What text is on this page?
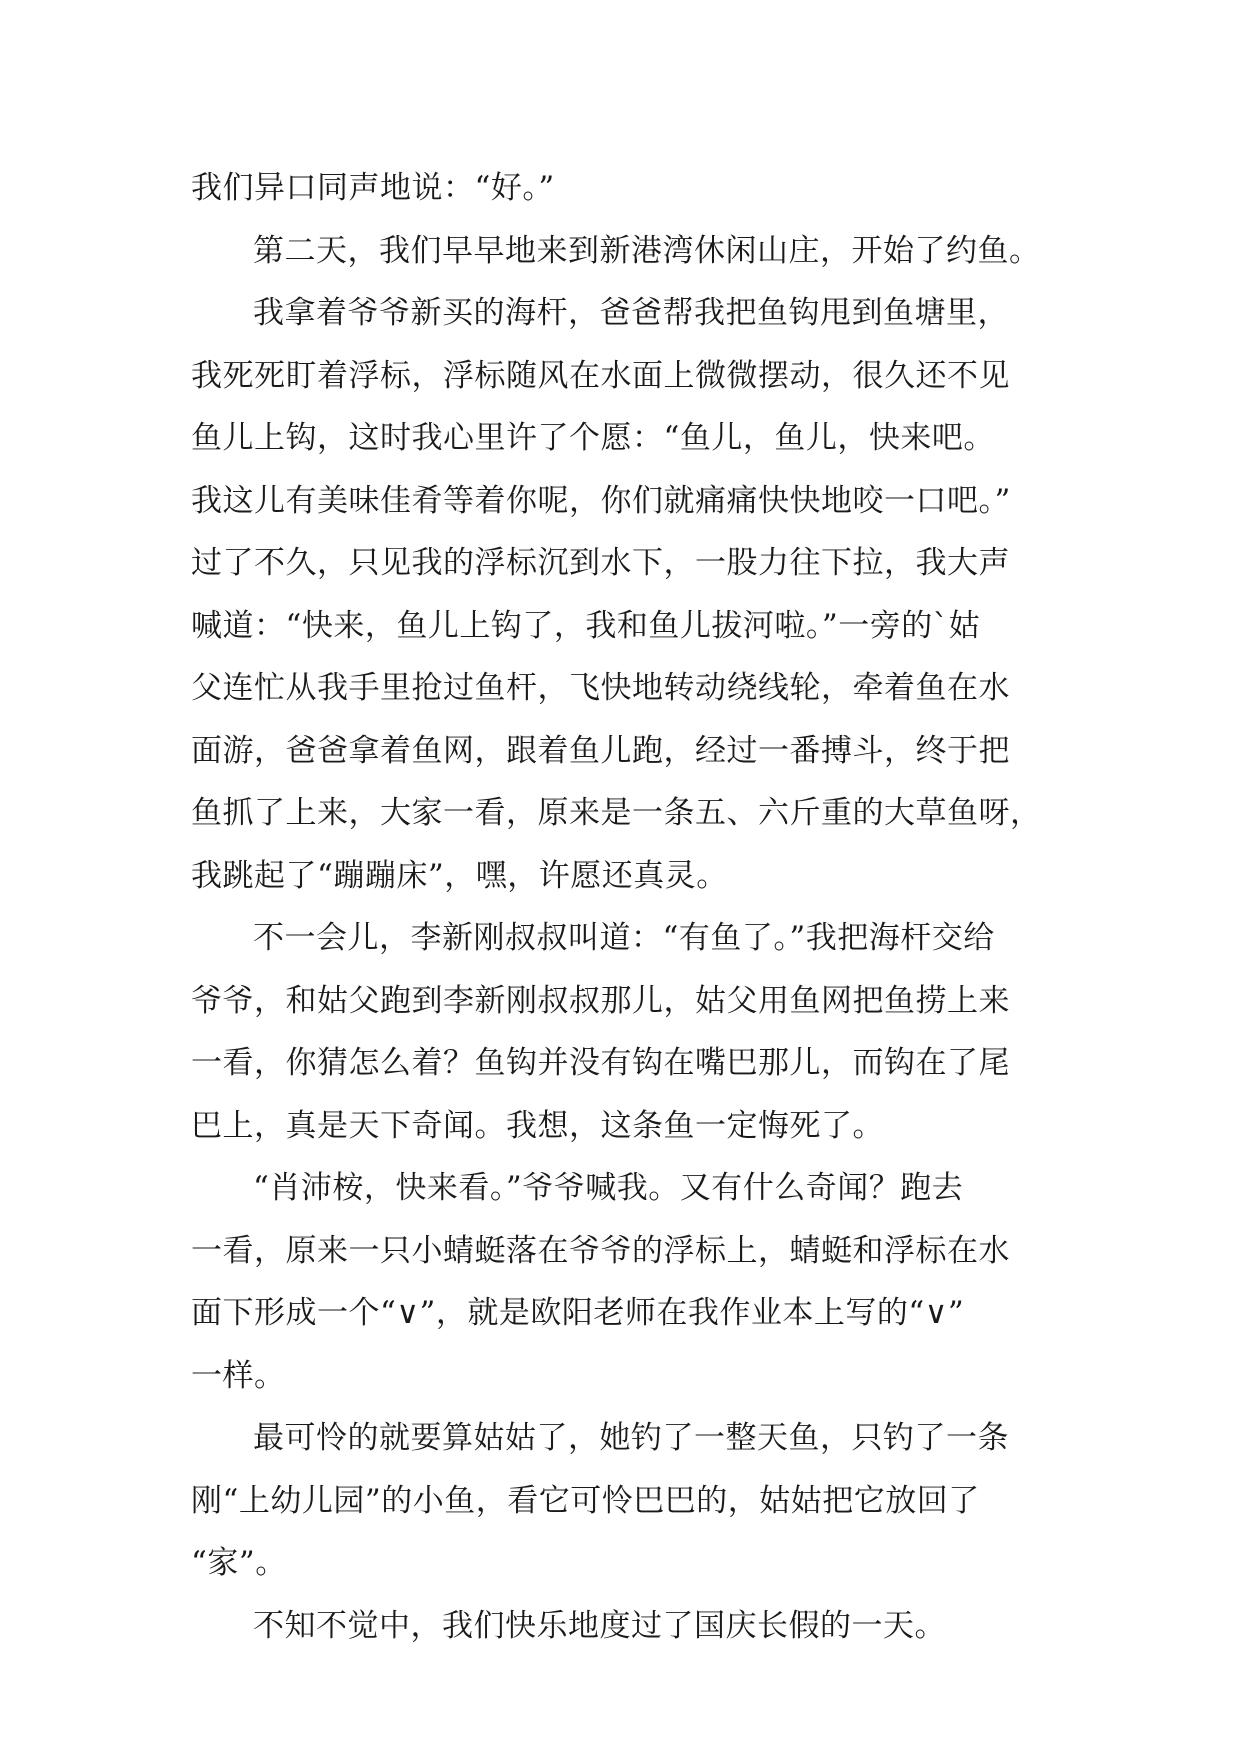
我们异口同声地说：“好。”
第二天，我们早早地来到新港湾休闲山庄，开始了约鱼。
我拿着爷爷新买的海杆，爸爸帮我把鱼钩甩到鱼塘里，
我死死盯着浮标，浮标随风在水面上微微摆动，很久还不见
鱼儿上钩，这时我心里许了个愿：“鱼儿，鱼儿，快来吧。
我这儿有美味佳肴等着你呢，你们就痛痛快快地咬一口吧。”
过了不久，只见我的浮标沉到水下，一股力往下拉，我大声
喊道：“快来，鱼儿上钩了，我和鱼儿拔河啦。”一旁的`姑
父连忙从我手里抢过鱼杆，飞快地转动绕线轮，牵着鱼在水
面游，爸爸拿着鱼网，跟着鱼儿跑，经过一番搏斗，终于把
鱼抓了上来，大家一看，原来是一条五、六斤重的大草鱼呀，
我跳起了“蹦蹦床”，嘿，许愿还真灵。
不一会儿，李新刚叔叔叫道：“有鱼了。”我把海杆交给
爷爷，和姑父跑到李新刚叔叔那儿，姑父用鱼网把鱼捞上来
一看，你猜怎么着？鱼钩并没有钩在嘴巴那儿，而钩在了尾
巴上，真是天下奇闻。我想，这条鱼一定悔死了。
“肖沛桉，快来看。”爷爷喊我。又有什么奇闻？跑去
一看，原来一只小蜻蜓落在爷爷的浮标上，蜻蜓和浮标在水
面下形成一个“∨”，就是欧阳老师在我作业本上写的“∨”
一样。
最可怜的就要算姑姑了，她钓了一整天鱼，只钓了一条
刚“上幼儿园”的小鱼，看它可怜巴巴的，姑姑把它放回了
“家”。
不知不觉中，我们快乐地度过了国庆长假的一天。
